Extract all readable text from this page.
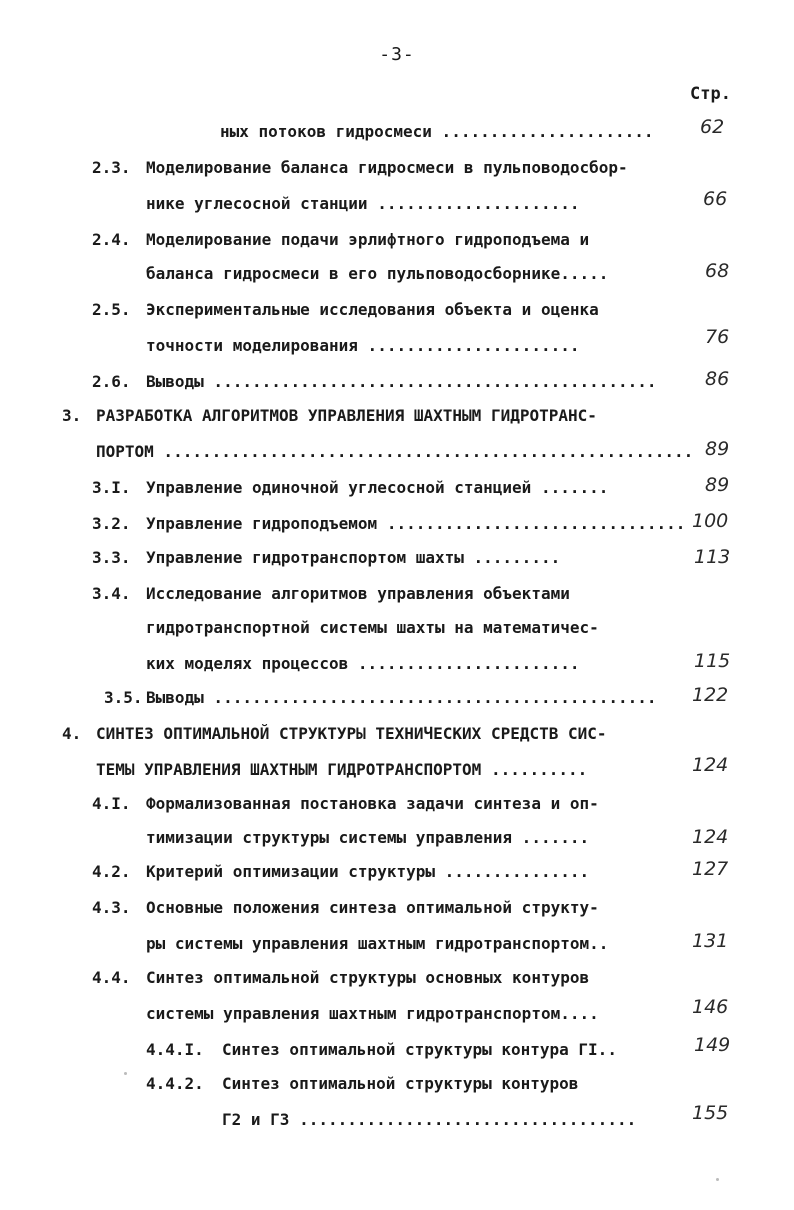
-3-
Стр.
ных потоков гидросмеси ...................... 62
2.3. Моделирование баланса гидросмеси в пульповодосбор-
нике углесосной станции .....................	66
2.4. Моделирование подачи эрлифтного гидроподъема и
баланса гидросмеси в его пульповодосборнике.....	68
2.5. Экспериментальные исследования объекта и оценка
точности моделирования ......................	76
2.6. Выводы ..............................................	86
3. РАЗРАБОТКА АЛГОРИТМОВ УПРАВЛЕНИЯ ШАХТНЫМ ГИДРОТРАНС-
ПОРТОМ ....................................................... 89
3.I. Управление одиночной углесосной станцией .......	89
3.2. Управление гидроподъемом ............................... 100
3.3. Управление гидротранспортом шахты .........	113
3.4. Исследование алгоритмов управления объектами
гидротранспортной системы шахты на математичес-
ких моделях процессов .......................	115
3.5. Выводы .............................................. 122
4. СИНТЕЗ ОПТИМАЛЬНОЙ СТРУКТУРЫ ТЕХНИЧЕСКИХ СРЕДСТВ СИС-
ТЕМЫ УПРАВЛЕНИЯ ШАХТНЫМ ГИДРОТРАНСПОРТОМ ..........	124
4.I. Формализованная постановка задачи синтеза и оп-
тимизации структуры системы управления .......	124
4.2. Критерий оптимизации структуры ...............	127
4.3. Основные положения синтеза оптимальной структу-
ры системы управления шахтным гидротранспортом..	131
4.4. Синтез оптимальной структуры основных контуров
системы управления шахтным гидротранспортом....	146
4.4.I. Синтез оптимальной структуры контура ГI..	149
4.4.2. Синтез оптимальной структуры контуров
Г2 и Г3 ...................................	155
